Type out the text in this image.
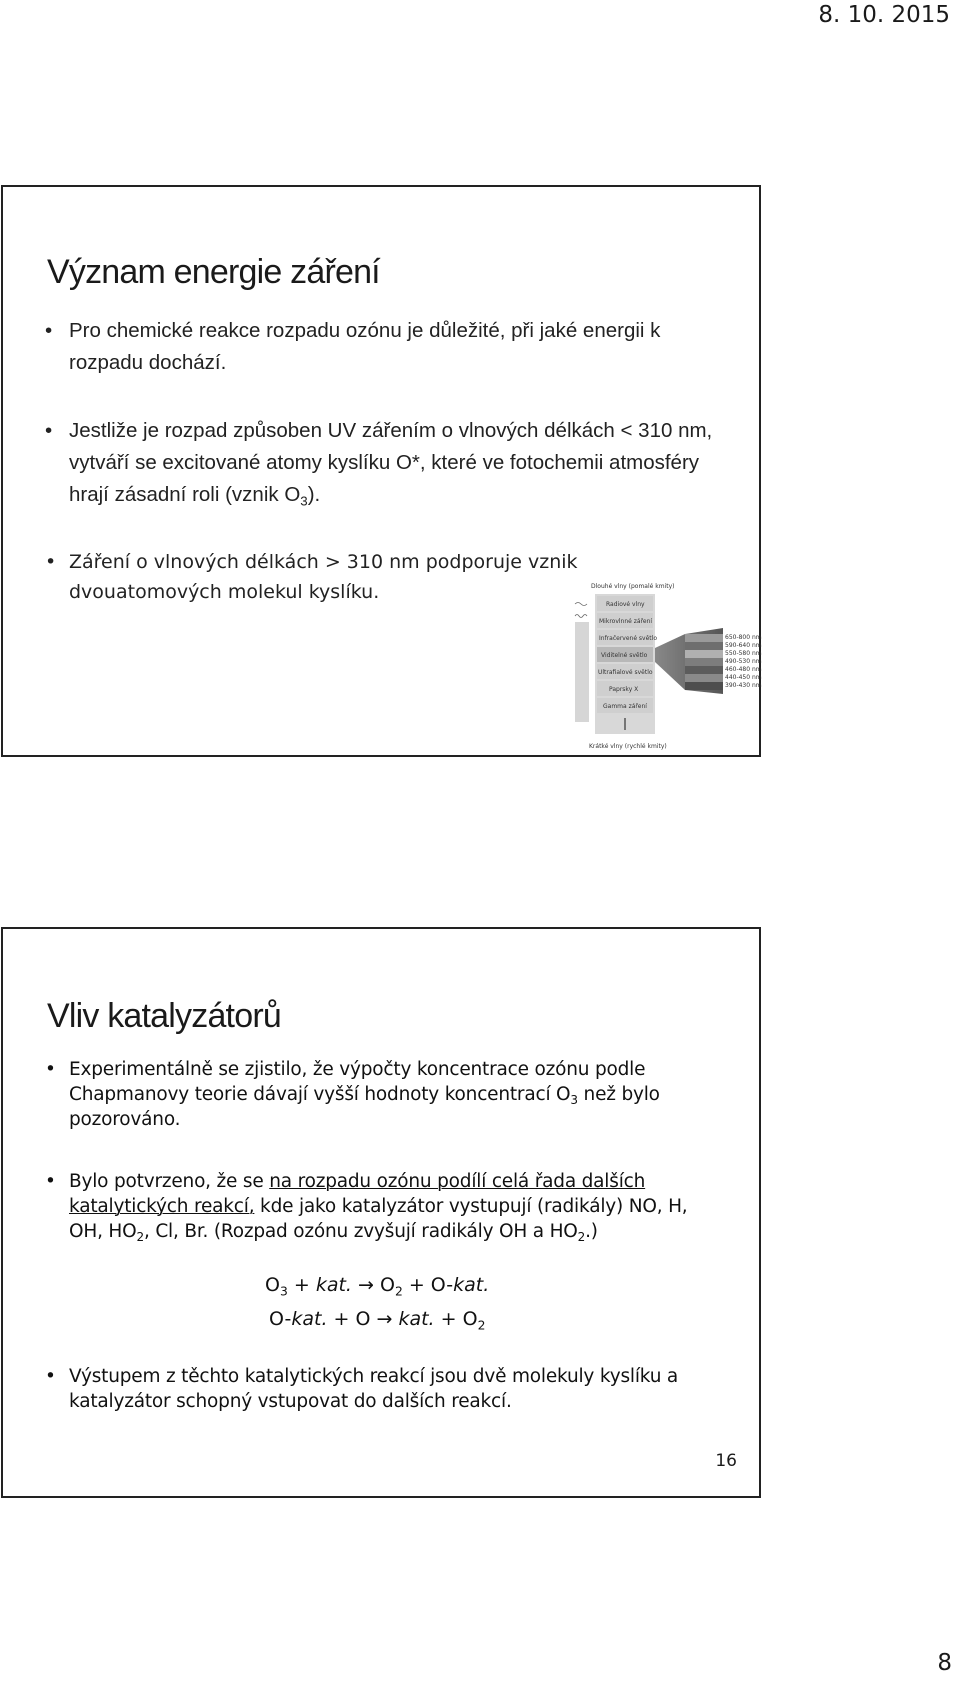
8. 10. 2015
Význam energie záření
• Pro chemické reakce rozpadu ozónu je důležité, při jaké energii k rozpadu dochází.
• Jestliže je rozpad způsoben UV zářením o vlnových délkách < 310 nm, vytváří se excitované atomy kyslíku O*, které ve fotochemii atmosféry hrají zásadní roli (vznik $O_3$).
• Záření o vlnových délkách > 310 nm podporuje vznik dvouatomových molekul kyslíku.	Dlouhé vlny (pomalé kmity)
Radiové vlny
Mikrovlnné záření
Infračervené světlo
Viditelné světlo
Ultrafialové světlo
Paprsky X
Gamma záření
650-800 nm
590-640 nm
550-580 nm
490-530 nm
460-480 nm
440-450 nm
390-430 nm
Krátké vlny (rychlé kmity)
Vliv katalyzátorů
• Experimentálně se zjistilo, že výpočty koncentrace ozónu podle Chapmanovy teorie dávají vyšší hodnoty koncentrací $O_3$ než bylo pozorováno.
• Bylo potvrzeno, že se na rozpadu ozónu podílí celá řada dalších katalytických reakcí, kde jako katalyzátor vystupují (radikály) NO, H, OH, $HO_2$, Cl, Br. (Rozpad ozónu zvyšují radikály OH a $HO_2$.)
$O_3$ + kat. → $O_2 + O-kat$.
O-kat. + O → kat. + $O_2$
• Výstupem z těchto katalytických reakcí jsou dvě molekuly kyslíku a katalyzátor schopný vstupovat do dalších reakcí.
16
8
